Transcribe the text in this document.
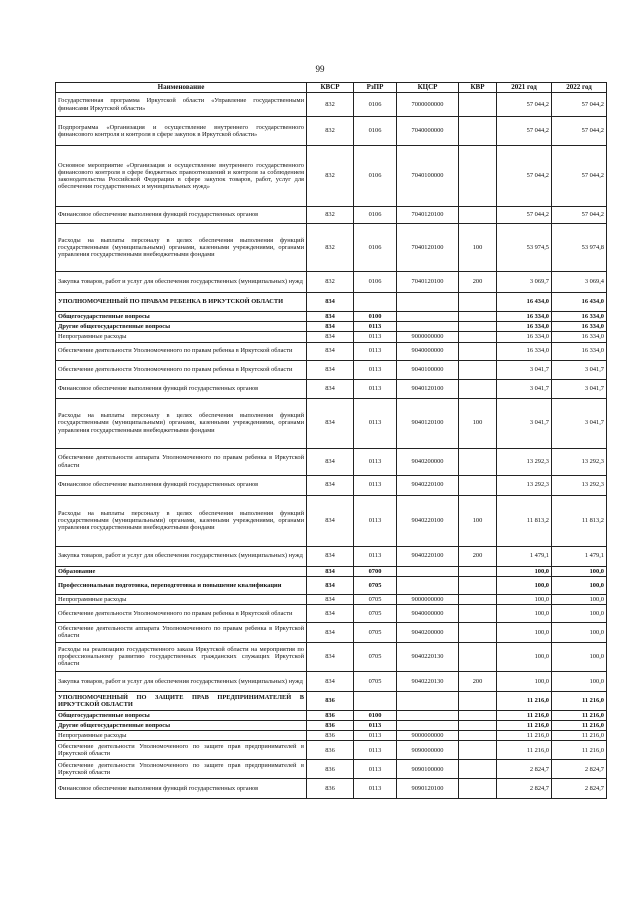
99
Наименование	КВСР	РзПР	КЦСР	КВР	2021 год	2022 год
Государственная программа Иркутской области «Управление государственными финансами Иркутской области»	832	0106	7000000000		57 044,2	57 044,2
Подпрограмма «Организация и осуществление внутреннего государственного финансового контроля и контроля в сфере закупок в Иркутской области»	832	0106	7040000000		57 044,2	57 044,2
Основное мероприятие «Организация и осуществление внутреннего государственного финансового контроля в сфере бюджетных правоотношений и контроля за соблюдением законодательства Российской Федерации в сфере закупок товаров, работ, услуг для обеспечения государственных и муниципальных нужд»	832	0106	7040100000		57 044,2	57 044,2
Финансовое обеспечение выполнения функций государственных органов	832	0106	7040120100		57 044,2	57 044,2
Расходы на выплаты персоналу в целях обеспечения выполнения функций государственными (муниципальными) органами, казенными учреждениями, органами управления государственными внебюджетными фондами	832	0106	7040120100	100	53 974,5	53 974,8
Закупка товаров, работ и услуг для обеспечения государственных (муниципальных) нужд	832	0106	7040120100	200	3 069,7	3 069,4
УПОЛНОМОЧЕННЫЙ ПО ПРАВАМ РЕБЕНКА В ИРКУТСКОЙ ОБЛАСТИ	834				16 434,0	16 434,0
Общегосударственные вопросы	834	0100			16 334,0	16 334,0
Другие общегосударственные вопросы	834	0113			16 334,0	16 334,0
Непрограммные расходы	834	0113	9000000000		16 334,0	16 334,0
Обеспечение деятельности Уполномоченного по правам ребенка в Иркутской области	834	0113	9040000000		16 334,0	16 334,0
Обеспечение деятельности Уполномоченного по правам ребенка в Иркутской области	834	0113	9040100000		3 041,7	3 041,7
Финансовое обеспечение выполнения функций государственных органов	834	0113	9040120100		3 041,7	3 041,7
Расходы на выплаты персоналу в целях обеспечения выполнения функций государственными (муниципальными) органами, казенными учреждениями, органами управления государственными внебюджетными фондами	834	0113	9040120100	100	3 041,7	3 041,7
Обеспечение деятельности аппарата Уполномоченного по правам ребенка в Иркутской области	834	0113	9040200000		13 292,3	13 292,3
Финансовое обеспечение выполнения функций государственных органов	834	0113	9040220100		13 292,3	13 292,3
Расходы на выплаты персоналу в целях обеспечения выполнения функций государственными (муниципальными) органами, казенными учреждениями, органами управления государственными внебюджетными фондами	834	0113	9040220100	100	11 813,2	11 813,2
Закупка товаров, работ и услуг для обеспечения государственных (муниципальных) нужд	834	0113	9040220100	200	1 479,1	1 479,1
Образование	834	0700			100,0	100,0
Профессиональная подготовка, переподготовка и повышение квалификации	834	0705			100,0	100,0
Непрограммные расходы	834	0705	9000000000		100,0	100,0
Обеспечение деятельности Уполномоченного по правам ребенка в Иркутской области	834	0705	9040000000		100,0	100,0
Обеспечение деятельности аппарата Уполномоченного по правам ребенка в Иркутской области	834	0705	9040200000		100,0	100,0
Расходы на реализацию государственного заказа Иркутской области на мероприятия по профессиональному развитию государственных гражданских служащих Иркутской области	834	0705	9040220130		100,0	100,0
Закупка товаров, работ и услуг для обеспечения государственных (муниципальных) нужд	834	0705	9040220130	200	100,0	100,0
УПОЛНОМОЧЕННЫЙ ПО ЗАЩИТЕ ПРАВ ПРЕДПРИНИМАТЕЛЕЙ В ИРКУТСКОЙ ОБЛАСТИ	836				11 216,0	11 216,0
Общегосударственные вопросы	836	0100			11 216,0	11 216,0
Другие общегосударственные вопросы	836	0113			11 216,0	11 216,0
Непрограммные расходы	836	0113	9000000000		11 216,0	11 216,0
Обеспечение деятельности Уполномоченного по защите прав предпринимателей в Иркутской области	836	0113	9090000000		11 216,0	11 216,0
Обеспечение деятельности Уполномоченного по защите прав предпринимателей в Иркутской области	836	0113	9090100000		2 824,7	2 824,7
Финансовое обеспечение выполнения функций государственных органов	836	0113	9090120100		2 824,7	2 824,7
